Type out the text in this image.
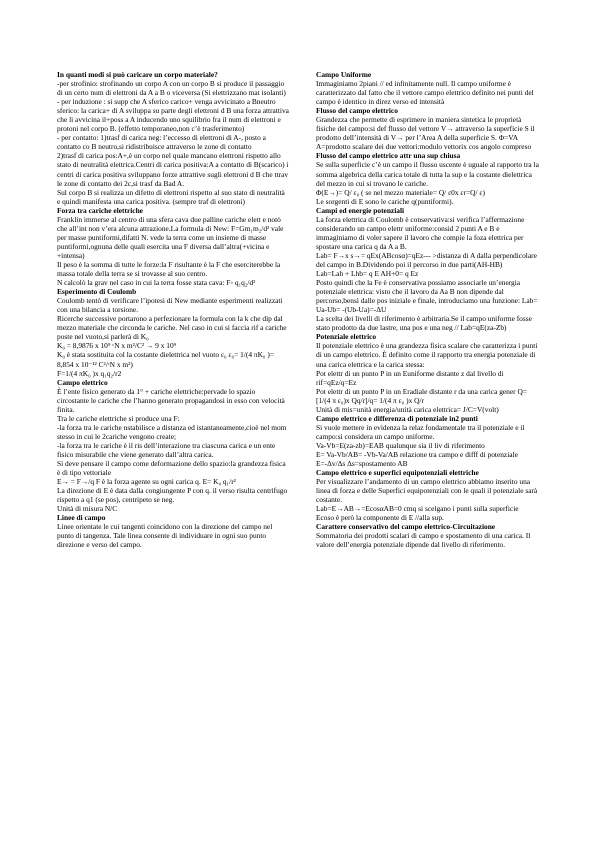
In quanti modi si può caricare un corpo materiale?

-per strofinio: strofinando un corpo A con un corpo B si produce il passaggio di un certo num di elettroni da A a B o viceversa (Si elettrizzano mat isolanti)

- per induzione : si supp che A sferico carico+ venga avvicinato a Bneutro sferico: la carica+ di A sviluppa su parte degli elettroni d B una forza attrattiva che li avvicina il+poss a A inducendo uno squilibrio fra il num di elettroni e protoni nel corpo B. (effetto temporaneo,non c’è trasferimento)

- per contatto: 1)trasf di carica neg: l’eccesso di elettroni di A-, posto a contatto co B neutro,si ridistribuisce attraverso le zone di contatto

2)trasf di carica pos:A+,è un corpo nel quale mancano elettroni rispetto allo stato di neutralità elettrica.Centri di carica positiva:A a contatto di B(scarico) i centri di carica positiva sviluppano forze attrattive sugli elettroni d B che ttrav le zone di contatto dei 2c,si trasf da Bad A.

Sul corpo B si realizza un difetto di elettroni rispetto al suo stato di neutralità e quindi manifesta una carica positiva. (sempre traf di elettroni)

Forza tra cariche elettriche

Franklin immerse al centro di una sfera cava due palline cariche elett e notò che all’int non v’era alcuna attrazione.La formula di New: F=Gm₁m₂/d² vale per masse puntiformi,difatti N. vede la terra come un insieme di masse puntiformi,ognuna delle quali esercita una F diversa dall’altra(+vicina e +intensa)

Il peso è la somma di tutte le forze:la F risultante è la F che eserciterebbe la massa totale della terra se si trovasse al suo centro.

N calcolò la grav nel caso in cui la terra fosse stata cava: F◦ q₁q₂/d²

Esperimento di Coulomb

Coulomb tentò di verificare l’ipotesi di New mediante esperimenti realizzati con una bilancia a torsione.

Ricerche successive portarono a perfezionare la formula con la k che dip dal mezzo materiale che circonda le cariche. Nel caso in cui si faccia rif a cariche poste nel vuoto,si parlerà di K₀

K₀ = 8,9876 x 10⁹ ᶜN x m²/C² → 9 x 10⁹

K₀ è stata sostituita col la costante dielettrica nel vuoto ε₀ ε₀= 1/(4 πK₀ )= 8,854 x 10⁻¹² C²/ᶜN x m²)

F=1/(4 πK₀ )x q₁q₂/r2

Campo elettrico

È l’ente fisico generato da 1° + cariche elettriche:pervade lo spazio circostante le cariche che l’hanno generato propagandosi in esso con velocità finita.

Tra le cariche elettriche si produce una F:

-la forza tra le cariche nstabilisce a distanza ed istantaneamente,cioè nel mom stesso in cui le 2cariche vengono create;

-la forza tra le cariche è il ris dell’interazione tra ciascuna carica e un ente fisico misurabile che viene generato dall’altra carica.

Si deve pensare il campo come deformazione dello spazio:la grandezza fisica è di tipo vettoriale

E→ = F→/q F è la forza agente su ogni carica q. E= K₀ q₁/r²

La direzione di E è data dalla congiungente P con q. il verso risulta centrifugo rispetto a q1 (se pos), centripeto se neg.

Unità di misura N/C

Linee di campo

Linee orientate le cui tangenti coincidono con la direzione del campo nel punto di tangenza. Tale linea consente di individuare in ogni suo punto direzione e verso del campo.

Campo Uniforme

Immaginiamo 2piani // ed infinitamente null. Il campo uniforme è caratterizzato dal fatto che il vettore campo elettrico definito nei punti del campo è identico in direz verso ed intensità

Flusso del campo elettrico

Grandezza che permette di esprimere in maniera sintetica le proprietà fisiche del campo:si def flusso del vettore V→ attraverso la superficie S il prodotto dell’intensità di V→ per l’Area A della superficie S. Φ=VA

A=prodotto scalare dei due vettori:modulo vettorix cos angolo compreso

Flusso del campo elettrico attr una sup chiusa

Se sulla superficie c’è un campo il flusso uscente è uguale al rapporto tra la somma algebrica della carica totale di tutta la sup e la costante dielettrica del mezzo in cui si trovano le cariche.

Φ(E→)= Q/ ε₀ ( se nel mezzo materiale= Q/ ε0x εr=Q/ ε)

Le sorgenti di E sono le cariche q(puntiformi).

Campi ed energie potenziali

La forza elettrica di Coulomb è conservativa:si verifica l’affermazione considerando un campo elettr uniforme:consid 2 punti A e B e immaginiamo di voler sapere il lavoro che compie la foza elettrica per spostare una carica q da A a B.

Lab= F→x s→= qEx(ABcosα)=qEz--- >distanza di A dalla perpendicolare del campo in B.Dividendo poi il percorso in due parti(AH-HB)

Lab=Lah + Lhb= q E AH+0= q Ez

Posto quindi che la Fe è conservativa possiamo associarle un’energia potenziale elettrica: visto che il lavoro da Aa B non dipende dal percorso,bensì dalle pos iniziale e finale, introduciamo una funzione: Lab= Ua-Ub= -(Ub-Ua)=-ΔU

La scelta dei livelli di riferimento è arbitraria.Se il campo uniforme fosse stato prodotto da due lastre, una pos e una neg // Lab=qE(za-Zb)

Potenziale elettrico

Il potenziale elettrico è una grandezza fisica scalare che caratterizza i punti di un campo elettrico. È definito come il rapporto tra energia potenziale di una carica elettrica e la carica stessa:

Pot elettr di un punto P in un Euniforme distante z dal livello di rif=qEz/q=Ez

Pot elettr di un punto P in un Eradiale distante r da una carica gener Q=

[1/(4 π ε₀)x Qq/r]/q= 1/(4 π ε₀ )x Q/r

Unità di mis=unità energia/unità carica elettrica= J/C=V(volt)

Campo elettrico e differenza di potenziale in2 punti

Si vuole mettere in evidenza la relaz fondamentale tra il potenziale e il campo:si considera un campo uniforme.

Va-Vb=E(za-zb)=EAB qualunque sia il liv di riferimento

E= Va-Vb/AB= -Vb-Va/AB relazione tra campo e difff di potenziale

E=-Δv/Δs Δs=spostamento AB

Campo elettrico e superfici equipotenziali elettriche

Per visualizzare l’andamento di un campo elettrico abbiamo inserito una linea di forza e delle Superfici equipotenziali con le quali il potenziale sarà costante.

Lab=E→AB→=EcosαAB=0 cmq si scelgano i punti sulla superficie

Ecoso è però la componente di E //alla sup.

Carattere conservativo del campo elettrico-Circuitazione

Sommatoria dei prodotti scalari di campo e spostamento di una carica. Il valore dell’energia potenziale dipende dal livello di riferimento.
